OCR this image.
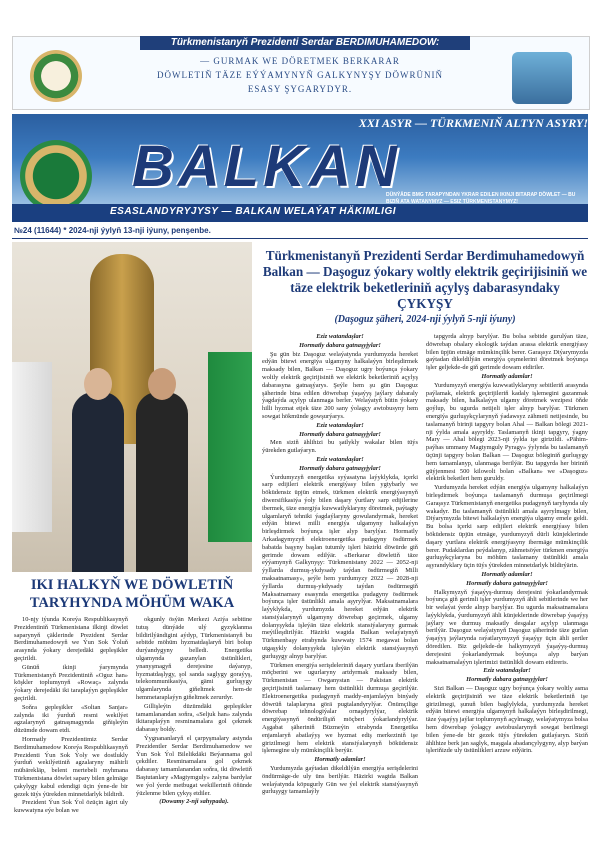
Türkmenistanyň Prezidenti Serdar BERDIMUHAMEDOW:
— GURMAK WE DÖRETMEK BERKARAR
DÖWLETIŇ TÄZE EÝÝAMYNYŇ GALKYNYŞY DÖWRÜNIŇ
ESASY ŞYGARYDYR.
XXI ASYR — TÜRKMENIŇ ALTYN ASYRY!
BALKAN
ESASLANDYRYJYSY — BALKAN WELAÝAT HÄKIMLIGI
DÜNÝÄDE BMG TARAPYNDAN YKRAR EDILEN IKINJI BITARAP DÖWLET — BU BIZIŇ ATA WATANYMYZ — ESIZ TÜRKMENISTANYMYZ!
№24 (11644) * 2024-nji ýylyň 13-nji iýuny, penşenbe.
IKI HALKYŇ WE DÖWLETIŇ TARYHYNDA MÖHÜM WAKA

10-njy iýunda Koreýa Respublikasynyň Prezidentiniň Türkmenistana ilkinji döwlet saparynyň çäklerinde Prezident Serdar Berdimuhamedowyň we Ýun Sok Ýoluň arasynda ýokary derejedäki gepleşikler geçirildi.

Günüň ikinji ýarymynda Türkmenistanyň Prezidentiniň «Oguz han» köşkler toplumynyň «Rowaç» zalynda ýokary derejedäki iki taraplaýyn gepleşikler geçirildi.

Soňra gepleşikler «Soltan Sanjar» zalynda iki ýurduň resmi wekilýet agzalarynyň gatnaşmagynda giňişleýin düzümde dowam etdi.

Hormatly Prezidentimiz Serdar Berdimuhamedow Koreýa Respublikasynyň Prezidenti Ýun Sok Ýoly we dostlukly ýurduň wekilýetiniň agzalaryny mähirli mübärekläp, belent mertebeli myhmana Türkmenistana döwlet sapary bilen gelmäge çakylygy kabul edendigi üçin ýene-de bir gezek tüýs ýürekden minnetdarlyk bildirdi.

Prezident Ýun Sok Ýol özüçin ägirt uly kuwwatyna eýe bolan we

okgunly ösýän Merkezi Aziýa sebitine tutuş dünýäde ulý gyzyklanma bildirilýändigini aýdyp, Türkmenistanyň bu sebitde möhüm hyzmatdaşlaryň biri bolup durýandygyny belledi. Energetika ulgamynda gazanylan üstünlikleri, ynanyşmagyň derejesine daýanyp, hyzmatdaşlygy, şol sanda saglygy goraýyş, telekommunikasiýa, gämi gurluşygy ulgamlarynda giňeltmek hem-de hemmetaraplaýyn giňeltmek zerurdyr.

Gillişleýin düzümdäki gepleşikler tamamlanandan soňra, «Seljuk han» zalynda ikitaraplaýyn resminamalara gol çekmek dabarasy boldy.

Ýygnananlaryň el çarpyşmalary astynda Prezidentler Serdar Berdimuhamedow we Ýun Sok Ýol Bilelikdäki Beýannama gol çekdiler. Resminamalara gol çekmek dabarasy tamamlanandan soňra, iki döwletiň Baştutanlary «Magtymguly» zalyna bardylar we ýol ýerde metbugat wekilleriniň öňünde ýüzlenme bilen çykyş etdiler.

(Dowamy 2-nji sahypada).
Türkmenistanyň Prezidenti Serdar Berdimuhamedowyň Balkan — Daşoguz ýokary woltly elektrik geçirijisiniň we täze elektrik beketleriniň açylyş dabarasyndaky ÇYKYŞY
(Daşoguz şäheri, 2024-nji ýylyň 5-nji iýuny)

Eziz watandaşlar!

Hormatly dabara gatnaşyjylar!

Şu gün biz Daşoguz welaýatynda yurdumyzda hereket edýän bitewi energiýa ulgamyny halkalaýyn birleşdirmek maksady bilen, Balkan — Daşoguz ugry boýunça ýokary woltly elektrik geçirijisiniň we elektrik beketleriniň açylyş dabarasyna gatnaşýarys. Şeýle hem şu gün Daşoguz şäherinde bina edilen döwrebap ýaşaýyş jaýlary dabaraly ýagdaýda açylyp ulanmaga berler. Welaýatyň bütin ýokary hilli hyzmat etjek täze 200 sany ýolagçy awtobusyny hem sowgat hökmünde gowşurýarys.

Eziz watandaşlar!

Hormatly dabara gatnaşyjylar!

Men siziň ählihizi bu şatlykly wakalar bilen tüýs ýürekden gutlaýaryn.

Eziz watandaşlar!

Hormatly dabara gatnaşyjylar!

Ýurdumyzyň energetika syýasatyna laýyklykda, içerki sarp edijileri elektrik energiýasy bilen ygtybarly we böküdensiz üpjün etmek, türkmen elektrik energiýasynyň diwersifikasiýa ýoly bilen daşary ýurtlary sarp edijilerine ibermek, täze energiýa kuwwatlyklaryny döretmek, paýtagty ulgamlaryň tehniki ýagdaýlaryny gowulandyrmak, hereket edýän bitewi milli energiýa ulgamyny halkalaýyn birleşdirmek boýunça işler alyp barylýar. Hormatly Arkadagymyzyň elektroenergetika pudagyny ösdürmek babatda başyny başlan tutumly işleri häzirki döwürde giň gerimde dowam edilýär. «Berkarar döwletiň täze eýýamynyň Galkynyşy: Türkmenistany 2022 — 2052-nji ýyllarda durmuş-ykdysady taýdan ösdürmegiň Milli maksatnamasy», şeýle hem yurdumyzy 2022 — 2028-nji ýyllarda durmuş-ykdysady taýdan ösdürmegiň Maksatnamasy esasynda energetika pudagyny ösdürmek boýunça işler üstünlikli amala aşyrylýar. Maksatnamalara laýyklykda, yurdumyzda hereket edýän elektrik stansiýalarynyň ulgamyny döwrebap geçirmek, ulgamy dolanyşykda işleýän täze elektrik stansiýalaryny gurmak meýilleşdirilýär. Häzirki wagtda Balkan welaýatynyň Türkmenbaşy etrabynda kuwwaty 1574 megawat bolan utgaşykly dolanyşykda işleýän elektrik stansiýasynyň gurluşygy alnyp barylýar.

Türkmen energiýa serişdeleriniň daşary yurtlara iberilýän möçberini we ugurlaryny artdyrmak maksady bilen, Türkmenistan — Owganystan — Pakistan elektrik geçirijisiniň taslamasy hem üstünlikli durmuşa geçirilýär. Elektroenergetika pudagynyň maddy-enjamlaýyn binýady döwrüň talaplaryna görä pugtalandyrylýar. Önümçilige döwrebap tehnologiýalar ornaşdyrylýar, elektrik energiýasynyň öndürilişiň möçberi ýokarlandyrylýar. Aşgabat şäheriniň Büzmeýin etrabynda Energetika enjamlaryň abatlaýyş we hyzmat ediş merkeziniň işe girizilmegi hem elektrik stansiýalarynyň böküdensiz işlemegine uly mümkinçilik berýär.

Hormatly adamlar!

Yurdumyzda gaýtadan dikeldilýän energiýa serişdelerini öndürmäge-de uly üns berilýär. Häzirki wagtda Balkan welaýatynda köpugurly Gün we ýel elektrik stansiýasynyň gurluşygy tamamlaýly

tapgyrda alnyp barylýar. Bu bolsa sebitde gurulýan täze, döwrebap obalary ekologik taýdan arassa elektrik energiýasy bilen üpjün etmäge mümkinçilik berer. Garaşsyz Diýarymyzda gaýtadan dikeldilýän energiýa çeşmelerini döretmek boýunça işler geljekde-de giň gerimde dowam etdiriler.

Hormatly adamlar!

Yurdumyzyň energiýa kuwwatlyklaryny sebitleriň arasynda paýlamak, elektrik geçirijileriň kadaly işlemegini gazanmak maksady bilen, halkalaýyn ulgamy döretmek wezipesi öňde goýlup, bu ugurda netijeli işler alnyp barylýar. Türkmen energiýa gurluşykçylarynyň ýadawsyz zähmeti netijesinde, bu taslamanyň birinji tapgyry bolan Ahal — Balkan bölegi 2021-nji ýylda amala aşyryldy. Taslamanyň ikinji tapgyry, ýagny Mary — Ahal bölegi 2023-nji ýylda işe girizildi. «Pähim-paýhas ummany Magtymguly Pyragy» ýylynda bu taslamanyň üçünji tapgyry bolan Balkan — Daşoguz böleginiň gurluşygy hem tamamlanyp, ulanmaga berilýär. Bu tapgyrda her biriniň güýjenmesi 500 kilowolt bolan «Balkan» we «Daşoguz» elektrik beketleri hem guruldy.

Yurdumyzda hereket edýän energiýa ulgamyny halkalaýyn birleşdirmek boýunça taslamanyň durmuşa geçirilmegi Garaşsyz Türkmenistanyň energetika pudagynyň taryhynda uly wakadyr. Bu taslamanyň üstünlikli amala aşyrylmagy bilen, Diýarymyzda bitewi halkalaýyn energiýa ulgamy emele geldi. Bu bolsa içerki sarp edijileri elektrik energiýasy bilen böküdensiz üpjün etmäge, yurdumyzyň dürli künjeklerinde daşary yurtlara elektrik energiýasyny ibermäge mümkinçilik berer. Pudaklardan peýdalanyp, zähmetsöýer türkmen energiýa gurluşykçylaryna bu möhüm taslamany üstünlikli amala aşyrandyklary üçin tüýs ýürekden minnetdarlyk bildirýärin.

Hormatly adamlar!

Hormatly dabara gatnaşyjylar!

Halkymyzyň ýaşaýyş-durmuş derejesini ýokarlandyrmak boýunça giň gerimli işler yurdumyzyň ähli sebitlerinde we her bir welaýat ýerde alnyp barylýar. Bu ugurda maksatnamalara laýyklykda, ýurdumyzyň ähli künjeklerinde döwrebap ýaşaýyş jaýlary we durmuş maksatly desgalar açylyp ulanmaga berilýär. Daşoguz welaýatynyň Daşoguz şäherinde täze gurlan ýaşaýyş jaýlarynda raýatlarymyzyň ýaşaýşy üçin ähli şertler döredilen. Biz geljekde-de halkymyzyň ýaşaýyş-durmuş derejesini ýokarlandyrmak boýunça alyp barýan maksatnamalaýyn işlerimizi üstünlikli dowam etdireris.

Eziz watandaşlar!

Hormatly dabara gatnaşyjylar!

Sizi Balkan — Daşoguz ugry boýunça ýokary woltly asma elektrik geçirijisiniň we täze elektrik beketleriniň işe girizilmegi, şunuň bilen baglylykda, yurdumyzda hereket edýän bitewi energiýa ulgamynyň halkalaýyn birleşdirilmegi, täze ýaşaýyş jaýlar toplumynyň açylmagy, welaýatymyza bolsa hem döwrebap ýolagçy awtobuslarynyň sowgat berilmegi bilen ýene-de bir gezek tüýs ýürekden gutlaýaryn. Siziň ählihize berk jan saglyk, maşgala abadançylygyny, alyp barýan işleriňizde uly üstünlikleri arzuw edýärin.
